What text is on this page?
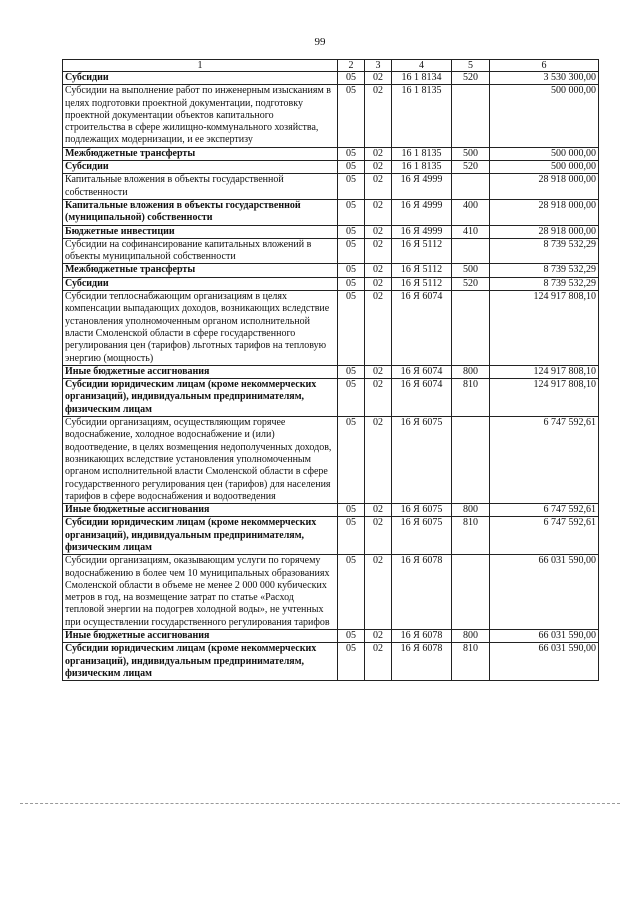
99
1	2	3	4	5	6
Субсидии	05	02	16 1 8134	520	3 530 300,00
Субсидии на выполнение работ по инженерным изысканиям в целях подготовки проектной документации, подготовку проектной документации объектов капитального строительства в сфере жилищно-коммунального хозяйства, подлежащих модернизации, и ее экспертизу	05	02	16 1 8135		500 000,00
Межбюджетные трансферты	05	02	16 1 8135	500	500 000,00
Субсидии	05	02	16 1 8135	520	500 000,00
Капитальные вложения в объекты государственной собственности	05	02	16 Я 4999		28 918 000,00
Капитальные вложения в объекты государственной (муниципальной) собственности	05	02	16 Я 4999	400	28 918 000,00
Бюджетные инвестиции	05	02	16 Я 4999	410	28 918 000,00
Субсидии на софинансирование капитальных вложений в объекты муниципальной собственности	05	02	16 Я 5112		8 739 532,29
Межбюджетные трансферты	05	02	16 Я 5112	500	8 739 532,29
Субсидии	05	02	16 Я 5112	520	8 739 532,29
Субсидии теплоснабжающим организациям в целях компенсации выпадающих доходов, возникающих вследствие установления уполномоченным органом исполнительной власти Смоленской области в сфере государственного регулирования цен (тарифов) льготных тарифов на тепловую энергию (мощность)	05	02	16 Я 6074		124 917 808,10
Иные бюджетные ассигнования	05	02	16 Я 6074	800	124 917 808,10
Субсидии юридическим лицам (кроме некоммерческих организаций), индивидуальным предпринимателям, физическим лицам	05	02	16 Я 6074	810	124 917 808,10
Субсидии организациям, осуществляющим горячее водоснабжение, холодное водоснабжение и (или) водоотведение, в целях возмещения недополученных доходов, возникающих вследствие установления уполномоченным органом исполнительной власти Смоленской области в сфере государственного регулирования цен (тарифов) для населения тарифов в сфере водоснабжения и водоотведения	05	02	16 Я 6075		6 747 592,61
Иные бюджетные ассигнования	05	02	16 Я 6075	800	6 747 592,61
Субсидии юридическим лицам (кроме некоммерческих организаций), индивидуальным предпринимателям, физическим лицам	05	02	16 Я 6075	810	6 747 592,61
Субсидии организациям, оказывающим услуги по горячему водоснабжению в более чем 10 муниципальных образованиях Смоленской области в объеме не менее 2 000 000 кубических метров в год, на возмещение затрат по статье «Расход тепловой энергии на подогрев холодной воды», не учтенных при осуществлении государственного регулирования тарифов	05	02	16 Я 6078		66 031 590,00
Иные бюджетные ассигнования	05	02	16 Я 6078	800	66 031 590,00
Субсидии юридическим лицам (кроме некоммерческих организаций), индивидуальным предпринимателям, физическим лицам	05	02	16 Я 6078	810	66 031 590,00
